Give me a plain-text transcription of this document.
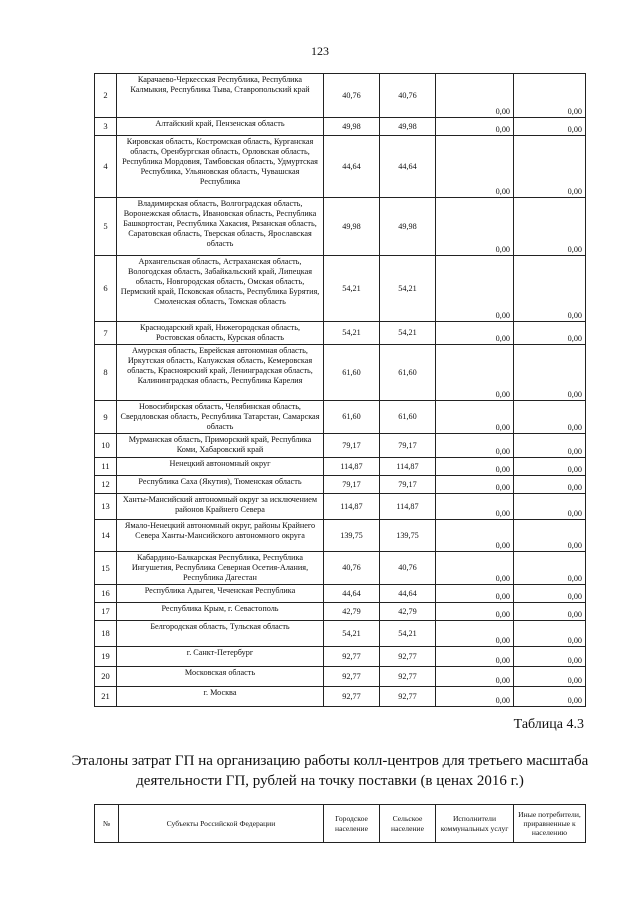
123
2	Карачаево-Черкесская Республика, Республика Калмыкия, Республика Тыва, Ставропольский край	40,76	40,76	0,00	0,00
3	Алтайский край, Пензенская область	49,98	49,98	0,00	0,00
4	Кировская область, Костромская область, Курганская область, Оренбургская область, Орловская область, Республика Мордовия, Тамбовская область, Удмуртская Республика, Ульяновская область, Чувашская Республика	44,64	44,64	0,00	0,00
5	Владимирская область, Волгоградская область, Воронежская область, Ивановская область, Республика Башкортостан, Республика Хакасия, Рязанская область, Саратовская область, Тверская область, Ярославская область	49,98	49,98	0,00	0,00
6	Архангельская область, Астраханская область, Вологодская область, Забайкальский край, Липецкая область, Новгородская область, Омская область, Пермский край, Псковская область, Республика Бурятия, Смоленская область, Томская область	54,21	54,21	0,00	0,00
7	Краснодарский край, Нижегородская область, Ростовская область, Курская область	54,21	54,21	0,00	0,00
8	Амурская область, Еврейская автономная область, Иркутская область, Калужская область, Кемеровская область, Красноярский край, Ленинградская область, Калининградская область, Республика Карелия	61,60	61,60	0,00	0,00
9	Новосибирская область, Челябинская область, Свердловская область, Республика Татарстан, Самарская область	61,60	61,60	0,00	0,00
10	Мурманская область, Приморский край, Республика Коми, Хабаровский край	79,17	79,17	0,00	0,00
11	Ненецкий автономный округ	114,87	114,87	0,00	0,00
12	Республика Саха (Якутия), Тюменская область	79,17	79,17	0,00	0,00
13	Ханты-Мансийский автономный округ за исключением районов Крайнего Севера	114,87	114,87	0,00	0,00
14	Ямало-Ненецкий автономный округ, районы Крайнего Севера Ханты-Мансийского автономного округа	139,75	139,75	0,00	0,00
15	Кабардино-Балкарская Республика, Республика Ингушетия, Республика Северная Осетия-Алания, Республика Дагестан	40,76	40,76	0,00	0,00
16	Республика Адыгея, Чеченская Республика	44,64	44,64	0,00	0,00
17	Республика Крым, г. Севастополь	42,79	42,79	0,00	0,00
18	Белгородская область, Тульская область	54,21	54,21	0,00	0,00
19	г. Санкт-Петербург	92,77	92,77	0,00	0,00
20	Московская область	92,77	92,77	0,00	0,00
21	г. Москва	92,77	92,77	0,00	0,00
Таблица 4.3
Эталоны затрат ГП на организацию работы колл-центров для третьего масштаба деятельности ГП, рублей на точку поставки (в ценах 2016 г.)
№	Субъекты Российской Федерации	Городское население	Сельское население	Исполнители коммунальных услуг	Иные потребители, приравненные к населению
